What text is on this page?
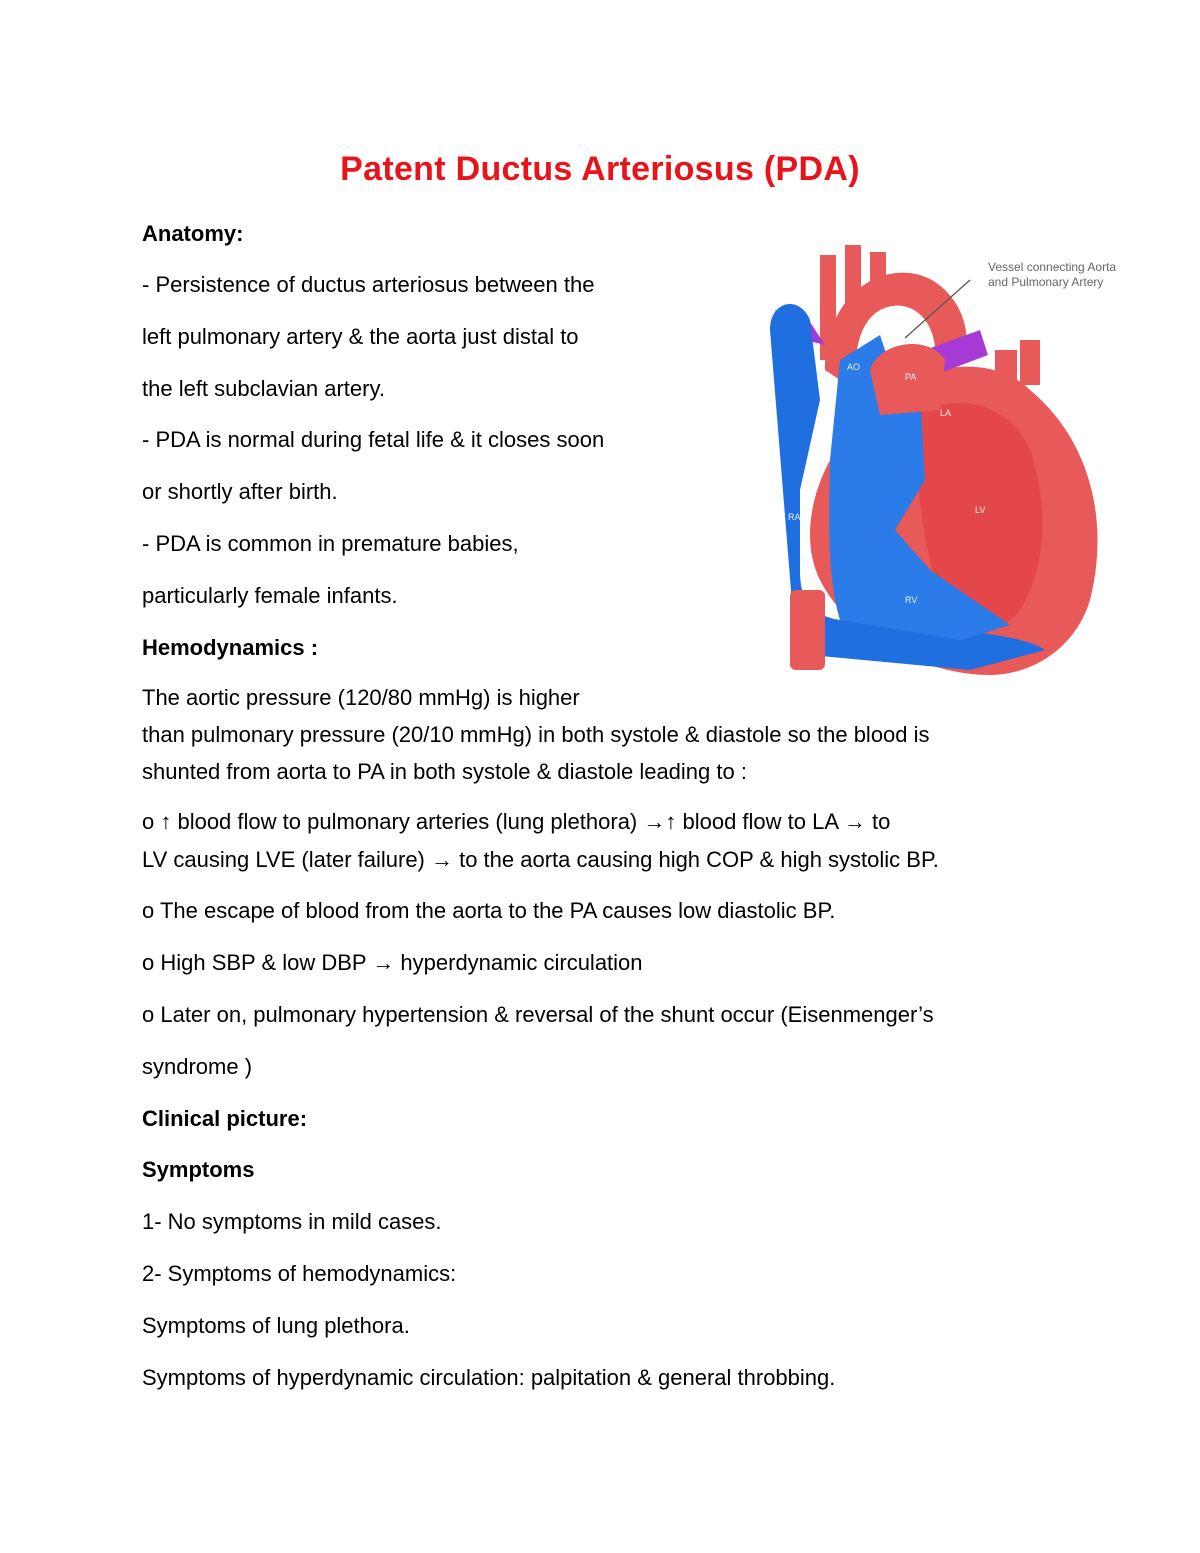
Patent Ductus Arteriosus (PDA)
Anatomy:
- Persistence of ductus arteriosus between the
left pulmonary artery & the aorta just distal to
the left subclavian artery.
- PDA is normal during fetal life & it closes soon
or shortly after birth.
- PDA is common in premature babies,
particularly female infants.
AO
PA
LA
LV
RA
RV
Vessel connecting Aorta
and Pulmonary Artery
Hemodynamics :
The aortic pressure (120/80 mmHg) is higher
than pulmonary pressure (20/10 mmHg) in both systole & diastole so the blood is
shunted from aorta to PA in both systole & diastole leading to :
o ↑ blood flow to pulmonary arteries (lung plethora) →↑ blood flow to LA → to
LV causing LVE (later failure) → to the aorta causing high COP & high systolic BP.
o The escape of blood from the aorta to the PA causes low diastolic BP.
o High SBP & low DBP → hyperdynamic circulation
o Later on, pulmonary hypertension & reversal of the shunt occur (Eisenmenger’s
syndrome )
Clinical picture:
Symptoms
1- No symptoms in mild cases.
2- Symptoms of hemodynamics:
Symptoms of lung plethora.
Symptoms of hyperdynamic circulation: palpitation & general throbbing.
